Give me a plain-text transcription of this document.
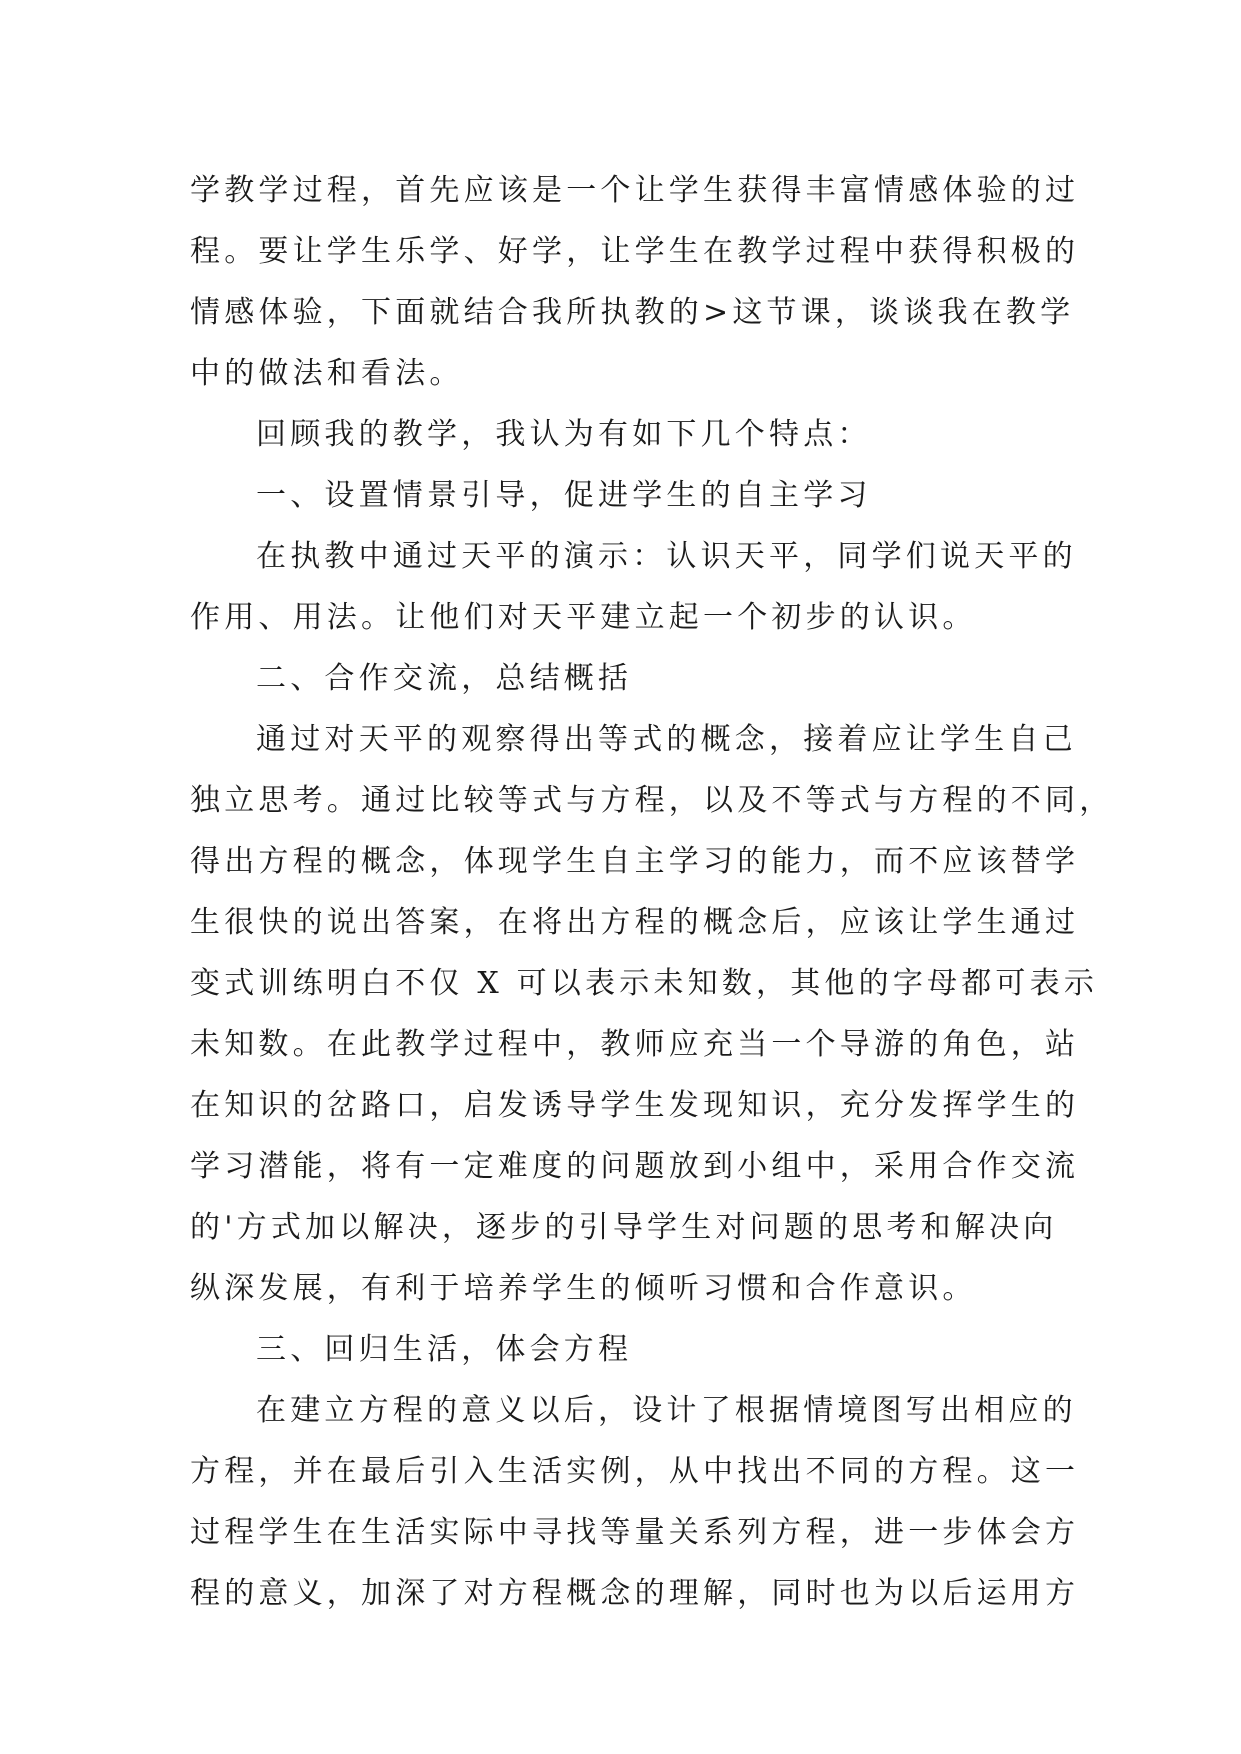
学教学过程，首先应该是一个让学生获得丰富情感体验的过
程。要让学生乐学、好学，让学生在教学过程中获得积极的
情感体验，下面就结合我所执教的>这节课，谈谈我在教学
中的做法和看法。
回顾我的教学，我认为有如下几个特点：
一、设置情景引导，促进学生的自主学习
在执教中通过天平的演示：认识天平，同学们说天平的
作用、用法。让他们对天平建立起一个初步的认识。
二、合作交流，总结概括
通过对天平的观察得出等式的概念，接着应让学生自己
独立思考。通过比较等式与方程，以及不等式与方程的不同，
得出方程的概念，体现学生自主学习的能力，而不应该替学
生很快的说出答案，在将出方程的概念后，应该让学生通过
变式训练明白不仅 X 可以表示未知数，其他的字母都可表示
未知数。在此教学过程中，教师应充当一个导游的角色，站
在知识的岔路口，启发诱导学生发现知识，充分发挥学生的
学习潜能，将有一定难度的问题放到小组中，采用合作交流
的'方式加以解决，逐步的引导学生对问题的思考和解决向
纵深发展，有利于培养学生的倾听习惯和合作意识。
三、回归生活，体会方程
在建立方程的意义以后，设计了根据情境图写出相应的
方程，并在最后引入生活实例，从中找出不同的方程。这一
过程学生在生活实际中寻找等量关系列方程，进一步体会方
程的意义，加深了对方程概念的理解，同时也为以后运用方
